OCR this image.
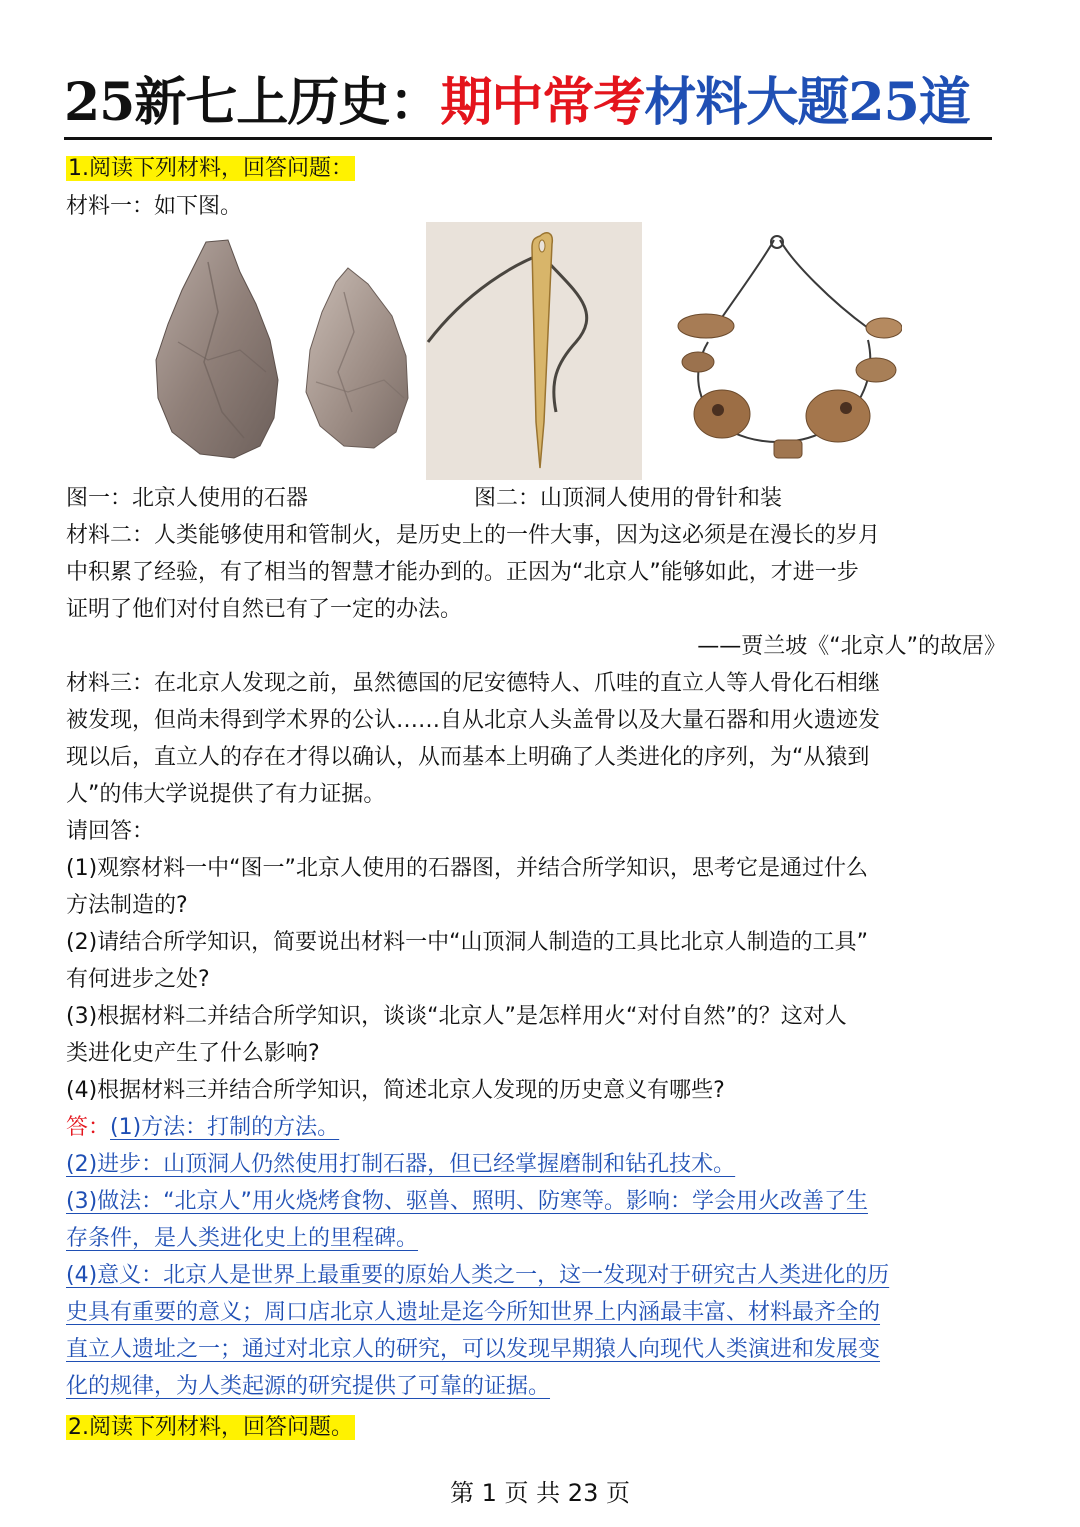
25新七上历史：期中常考材料大题25道
1.阅读下列材料，回答问题：
材料一：如下图。
图一：北京人使用的石器	图二：山顶洞人使用的骨针和装
材料二：人类能够使用和管制火，是历史上的一件大事，因为这必须是在漫长的岁月
中积累了经验，有了相当的智慧才能办到的。正因为“北京人”能够如此，才进一步
证明了他们对付自然已有了一定的办法。
——贾兰坡《“北京人”的故居》
材料三：在北京人发现之前，虽然德国的尼安德特人、爪哇的直立人等人骨化石相继
被发现，但尚未得到学术界的公认……自从北京人头盖骨以及大量石器和用火遗迹发
现以后，直立人的存在才得以确认，从而基本上明确了人类进化的序列，为“从猿到
人”的伟大学说提供了有力证据。
请回答：
(1)观察材料一中“图一”北京人使用的石器图，并结合所学知识，思考它是通过什么
方法制造的?
(2)请结合所学知识，简要说出材料一中“山顶洞人制造的工具比北京人制造的工具”
有何进步之处?
(3)根据材料二并结合所学知识，谈谈“北京人”是怎样用火“对付自然”的？这对人
类进化史产生了什么影响?
(4)根据材料三并结合所学知识，简述北京人发现的历史意义有哪些?
答：(1)方法：打制的方法。
(2)进步：山顶洞人仍然使用打制石器，但已经掌握磨制和钻孔技术。
(3)做法：“北京人”用火烧烤食物、驱兽、照明、防寒等。影响：学会用火改善了生
存条件，是人类进化史上的里程碑。
(4)意义：北京人是世界上最重要的原始人类之一，这一发现对于研究古人类进化的历
史具有重要的意义；周口店北京人遗址是迄今所知世界上内涵最丰富、材料最齐全的
直立人遗址之一；通过对北京人的研究，可以发现早期猿人向现代人类演进和发展变
化的规律，为人类起源的研究提供了可靠的证据。
2.阅读下列材料，回答问题。
第 1 页 共 23 页
